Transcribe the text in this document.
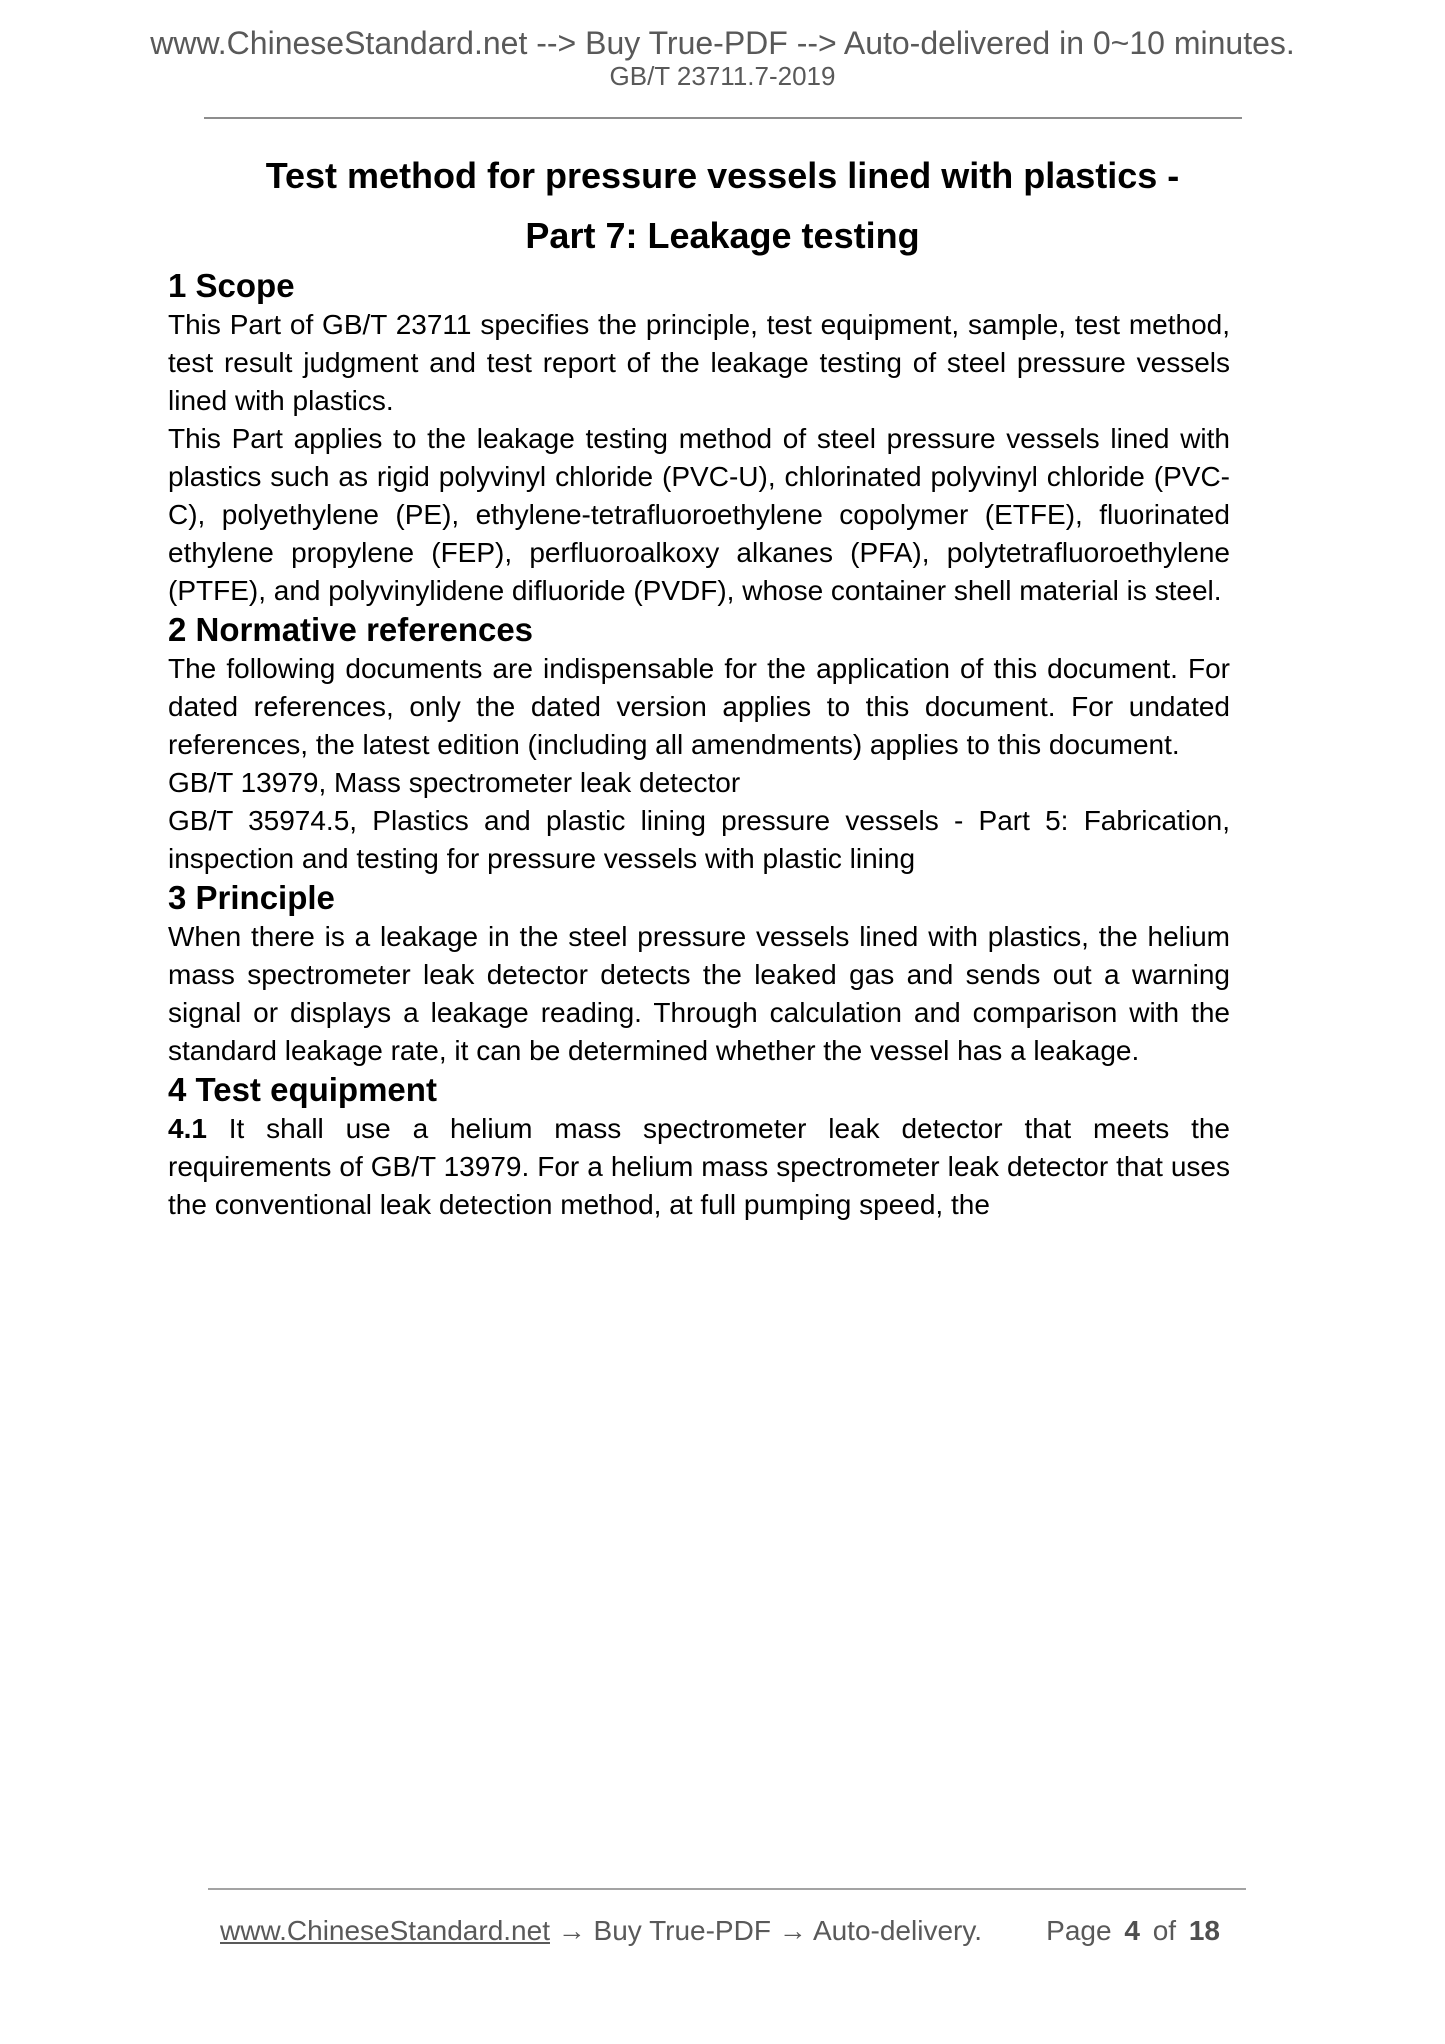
www.ChineseStandard.net --> Buy True-PDF --> Auto-delivered in 0~10 minutes.
GB/T 23711.7-2019
Test method for pressure vessels lined with plastics -
Part 7: Leakage testing
1 Scope

This Part of GB/T 23711 specifies the principle, test equipment, sample, test method, test result judgment and test report of the leakage testing of steel pressure vessels lined with plastics.

This Part applies to the leakage testing method of steel pressure vessels lined with plastics such as rigid polyvinyl chloride (PVC-U), chlorinated polyvinyl chloride (PVC-C), polyethylene (PE), ethylene-tetrafluoroethylene copolymer (ETFE), fluorinated ethylene propylene (FEP), perfluoroalkoxy alkanes (PFA), polytetrafluoroethylene (PTFE), and polyvinylidene difluoride (PVDF), whose container shell material is steel.

2 Normative references

The following documents are indispensable for the application of this document. For dated references, only the dated version applies to this document. For undated references, the latest edition (including all amendments) applies to this document.

GB/T 13979, Mass spectrometer leak detector

GB/T 35974.5, Plastics and plastic lining pressure vessels - Part 5: Fabrication, inspection and testing for pressure vessels with plastic lining

3 Principle

When there is a leakage in the steel pressure vessels lined with plastics, the helium mass spectrometer leak detector detects the leaked gas and sends out a warning signal or displays a leakage reading. Through calculation and comparison with the standard leakage rate, it can be determined whether the vessel has a leakage.

4 Test equipment

4.1 It shall use a helium mass spectrometer leak detector that meets the requirements of GB/T 13979. For a helium mass spectrometer leak detector that uses the conventional leak detection method, at full pumping speed, the

www.ChineseStandard.net → Buy True-PDF → Auto-delivery. Page 4 of 18
